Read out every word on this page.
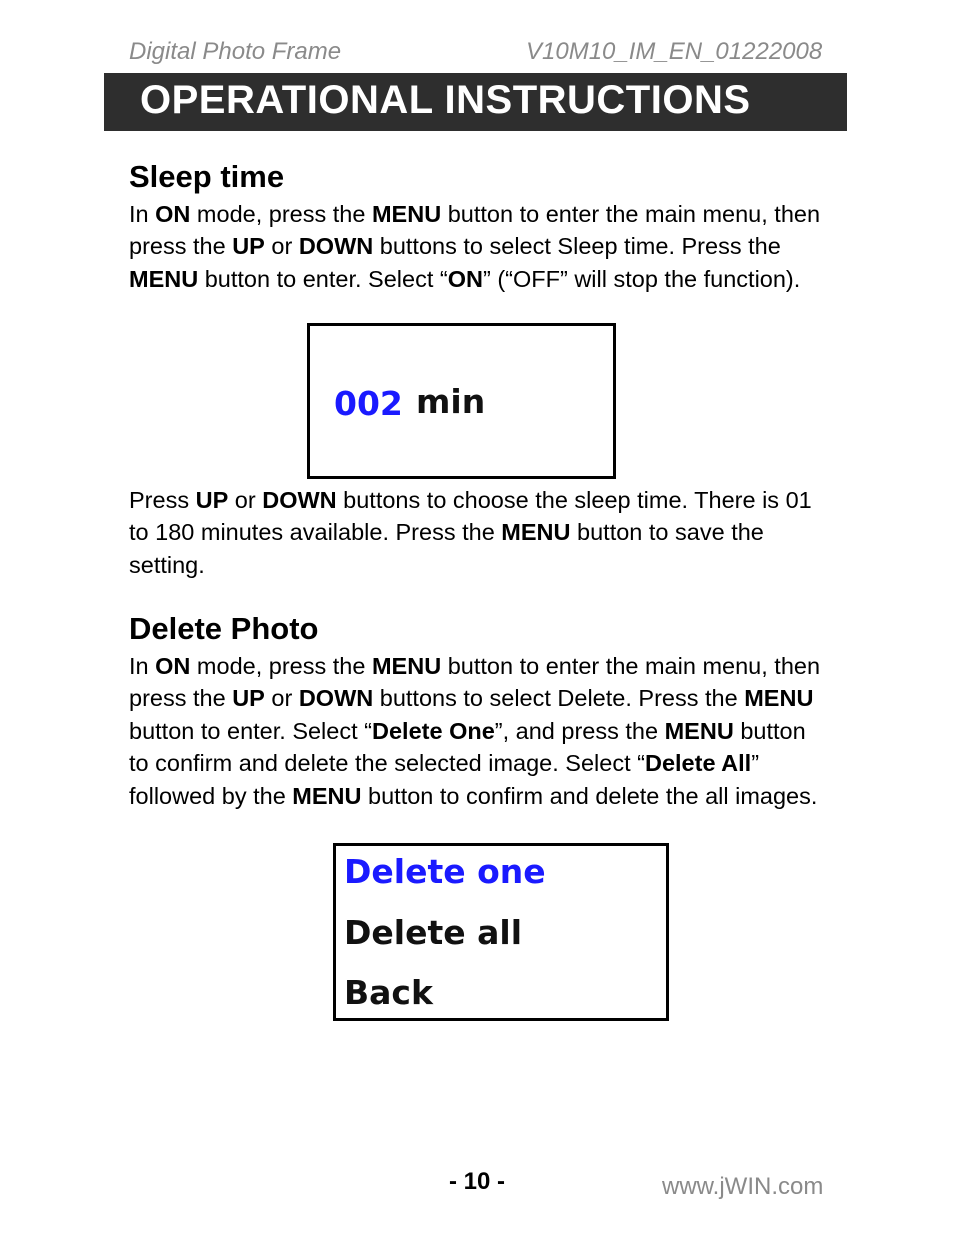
Digital Photo Frame	V10M10_IM_EN_01222008
OPERATIONAL INSTRUCTIONS
Sleep time
In ON mode, press the MENU button to enter the main menu, then press the UP or DOWN buttons to select Sleep time. Press the MENU button to enter. Select “ON” (“OFF” will stop the function).
002 min
Press UP or DOWN buttons to choose the sleep time. There is 01 to 180 minutes available. Press the MENU button to save the setting.
Delete Photo
In ON mode, press the MENU button to enter the main menu, then press the UP or DOWN buttons to select Delete. Press the MENU button to enter. Select “Delete One”, and press the MENU button to confirm and delete the selected image. Select “Delete All” followed by the MENU button to confirm and delete the all images.
Delete one
Delete all
Back
- 10 -	www.jWIN.com
